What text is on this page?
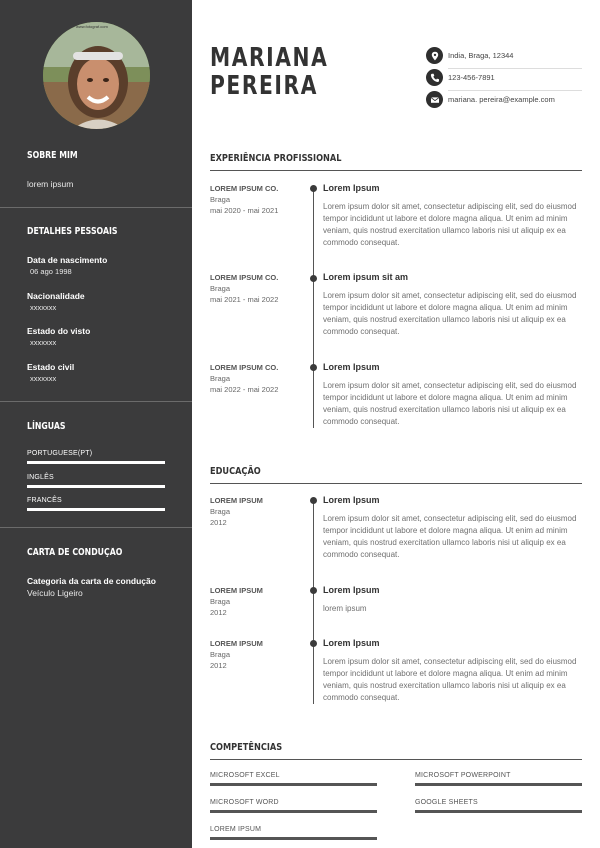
www.fotograf.com
SOBRE MIM
lorem ipsum
DETALHES PESSOAIS
Data de nascimento
06 ago 1998
Nacionalidade
xxxxxxx
Estado do visto
xxxxxxx
Estado civil
xxxxxxx
LÍNGUAS
PORTUGUESE(PT)
INGLÊS
FRANCÊS
CARTA DE CONDUÇÃO
Categoria da carta de condução
Veículo Ligeiro
MARIANA
PEREIRA
India, Braga, 12344
123-456-7891
mariana. pereira@example.com
EXPERIÊNCIA PROFISSIONAL
LOREM IPSUM CO.
Braga
mai 2020 - mai 2021
Lorem Ipsum
Lorem ipsum dolor sit amet, consectetur adipiscing elit, sed do eiusmod tempor incididunt ut labore et dolore magna aliqua. Ut enim ad minim veniam, quis nostrud exercitation ullamco laboris nisi ut aliquip ex ea commodo consequat.
LOREM IPSUM CO.
Braga
mai 2021 - mai 2022
Lorem ipsum sit am
Lorem ipsum dolor sit amet, consectetur adipiscing elit, sed do eiusmod tempor incididunt ut labore et dolore magna aliqua. Ut enim ad minim veniam, quis nostrud exercitation ullamco laboris nisi ut aliquip ex ea commodo consequat.
LOREM IPSUM CO.
Braga
mai 2022 - mai 2022
Lorem Ipsum
Lorem ipsum dolor sit amet, consectetur adipiscing elit, sed do eiusmod tempor incididunt ut labore et dolore magna aliqua. Ut enim ad minim veniam, quis nostrud exercitation ullamco laboris nisi ut aliquip ex ea commodo consequat.
EDUCAÇÃO
LOREM IPSUM
Braga
2012
Lorem Ipsum
Lorem ipsum dolor sit amet, consectetur adipiscing elit, sed do eiusmod tempor incididunt ut labore et dolore magna aliqua. Ut enim ad minim veniam, quis nostrud exercitation ullamco laboris nisi ut aliquip ex ea commodo consequat.
LOREM IPSUM
Braga
2012
Lorem Ipsum
lorem ipsum
LOREM IPSUM
Braga
2012
Lorem Ipsum
Lorem ipsum dolor sit amet, consectetur adipiscing elit, sed do eiusmod tempor incididunt ut labore et dolore magna aliqua. Ut enim ad minim veniam, quis nostrud exercitation ullamco laboris nisi ut aliquip ex ea commodo consequat.
COMPETÊNCIAS
MICROSOFT EXCEL	MICROSOFT POWERPOINT
MICROSOFT WORD	GOOGLE SHEETS
LOREM IPSUM
